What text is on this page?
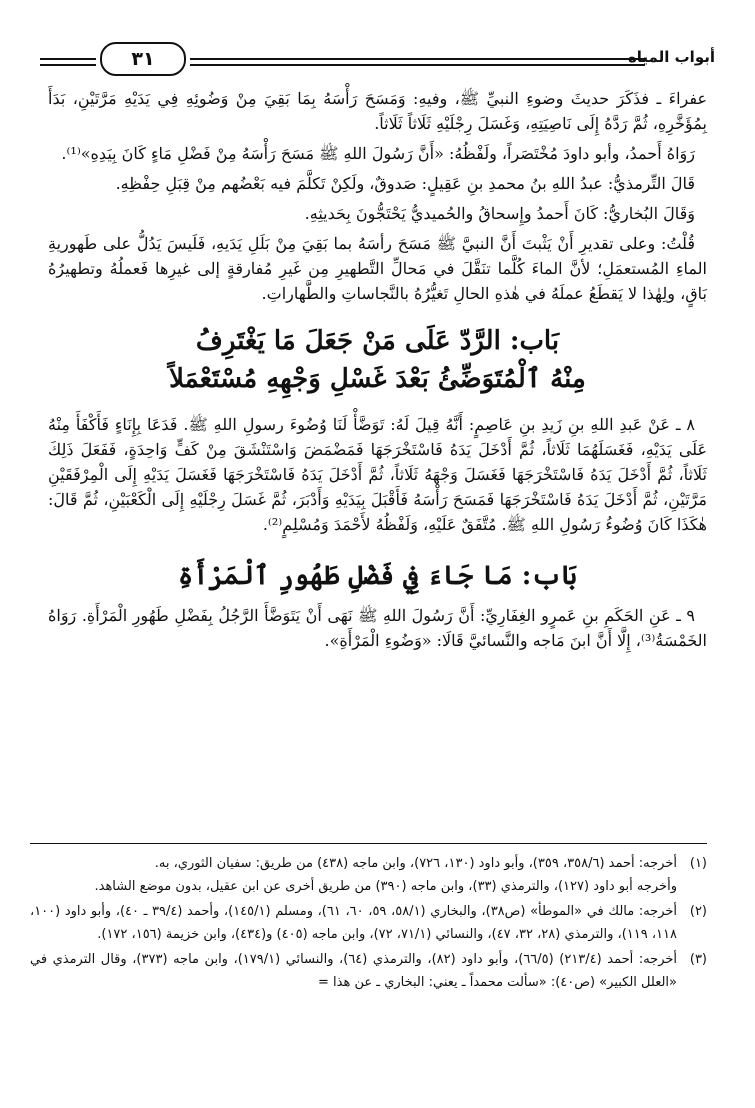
أبواب المياه
٣١

عفراءَ ـ فذَكَرَ حديثَ وضوءِ النبيِّ ﷺ، وفيهِ: وَمَسَحَ رَأْسَهُ بِمَا بَقِيَ مِنْ وَضُوئِهِ فِي يَدَيْهِ مَرَّتَيْنِ، بَدَأَ بِمُؤَخَّرِهِ، ثُمَّ رَدَّهُ إِلَى نَاصِيَتِهِ، وَغَسَلَ رِجْلَيْهِ ثَلَاثاً ثَلَاثاً.

رَوَاهُ أَحمدُ، وأبو داودَ مُخْتَصَراً، ولَفْظُهُ: «أَنَّ رَسُولَ اللهِ ﷺ مَسَحَ رَأْسَهُ مِنْ فَضْلِ مَاءٍ كَانَ بِيَدِهِ»⁽¹⁾.

قَالَ التِّرمذيُّ: عبدُ اللهِ بنُ محمدِ بنِ عَقِيلٍ: صَدوقٌ، ولَكِنْ تَكلَّمَ فيه بَعْضُهم مِنْ قِبَلِ حِفْظِهِ.

وَقَالَ البُخاريُّ: كَانَ أَحمدُ وإِسحاقُ والحُميديُّ يَحْتَجُّونَ بِحَديثِهِ.

قُلْتُ: وعلى تقديرِ أَنْ يَثْبتَ أَنَّ النبيَّ ﷺ مَسَحَ رأسَهُ بما بَقِيَ مِنْ بَلَلِ يَدَيهِ، فَلَيسَ يَدُلُّ على طَهوريةِ الماءِ المُستعمَلِ؛ لأنَّ الماءَ كُلَّما تنَقَّلَ في مَحالِّ التَّطهيرِ مِن غَيرِ مُفارقةٍ إلى غيرِها فَعملُهُ وتطهيرُهُ بَاقٍ، ولِهٰذا لا يَقطَعُ عملَهُ في هٰذهِ الحالِ تَغيُّرُهُ بالنَّجاساتِ والطَّهاراتِ.

بَاب: الرَّدّ عَلَى مَنْ جَعَلَ مَا يَغْتَرِفُ
مِنْهُ ٱلْمُتَوَضِّئُ بَعْدَ غَسْلِ وَجْهِهِ مُسْتَعْمَلاً

٨ ـ عَنْ عَبدِ اللهِ بنِ زَيدِ بنِ عَاصِمٍ: أَنَّهُ قِيلَ لَهُ: تَوَضَّأْ لَنَا وُضُوءَ رسولِ اللهِ ﷺ. فَدَعَا بِإِنَاءٍ فَأَكْفَأَ مِنْهُ عَلَى يَدَيْهِ، فَغَسَلَهُمَا ثَلَاثاً، ثُمَّ أَدْخَلَ يَدَهُ فَاسْتَخْرَجَهَا فَمَضْمَضَ وَاسْتَنْشَقَ مِنْ كَفٍّ وَاحِدَةٍ، فَفَعَلَ ذَلِكَ ثَلَاثاً، ثُمَّ أَدْخَلَ يَدَهُ فَاسْتَخْرَجَهَا فَغَسَلَ وَجْهَهُ ثَلَاثاً، ثُمَّ أَدْخَلَ يَدَهُ فَاسْتَخْرَجَهَا فَغَسَلَ يَدَيْهِ إِلَى الْمِرْفَقَيْنِ مَرَّتَيْنِ، ثُمَّ أَدْخَلَ يَدَهُ فَاسْتَخْرَجَهَا فَمَسَحَ رَأْسَهُ فَأَقْبَلَ بِيَدَيْهِ وَأَدْبَرَ، ثُمَّ غَسَلَ رِجْلَيْهِ إِلَى الْكَعْبَيْنِ، ثُمَّ قَالَ: هٰكَذَا كَانَ وُضُوءُ رَسُولِ اللهِ ﷺ. مُتَّفَقٌ عَلَيْهِ، وَلَفْظُهُ لأَحْمَدَ وَمُسْلِمٍ⁽²⁾.

بَاب: مَا جَاءَ فِي فَضْلِ طَهُورِ ٱلْمَرْأَةِ

٩ ـ عَنِ الحَكَمِ بنِ عَمرٍو الغِفَارِيِّ: أَنَّ رَسُولَ اللهِ ﷺ نَهَى أَنْ يَتَوَضَّأَ الرَّجُلُ بِفَضْلِ طَهُورِ الْمَرْأَةِ. رَوَاهُ الخَمْسَةُ⁽³⁾، إِلَّا أَنَّ ابنَ مَاجه والنَّسائيَّ قَالَا: «وَضُوءِ الْمَرْأَةِ».

(١)

أخرجه: أحمد (٣٥٨/٦، ٣٥٩)، وأبو داود (١٣٠، ٧٢٦)، وابن ماجه (٤٣٨) من طريق: سفيان الثوري، به.

وأخرجه أبو داود (١٢٧)، والترمذي (٣٣)، وابن ماجه (٣٩٠) من طريق أخرى عن ابن عقيل، بدون موضع الشاهد.

(٢)

أخرجه: مالك في «الموطأ» (ص٣٨)، والبخاري (٥٨/١، ٥٩، ٦٠، ٦١)، ومسلم (١٤٥/١)، وأحمد (٣٩/٤ ـ ٤٠)، وأبو داود (١٠٠، ١١٨، ١١٩)، والترمذي (٢٨، ٣٢، ٤٧)، والنسائي (٧١/١، ٧٢)، وابن ماجه (٤٠٥) و(٤٣٤)، وابن خزيمة (١٥٦، ١٧٢).

(٣)

أخرجه: أحمد (٢١٣/٤) (٦٦/٥)، وأبو داود (٨٢)، والترمذي (٦٤)، والنسائي (١٧٩/١)، وابن ماجه (٣٧٣)، وقال الترمذي في «العلل الكبير» (ص٤٠): «سألت محمداً ـ يعني: البخاري ـ عن هذا =
